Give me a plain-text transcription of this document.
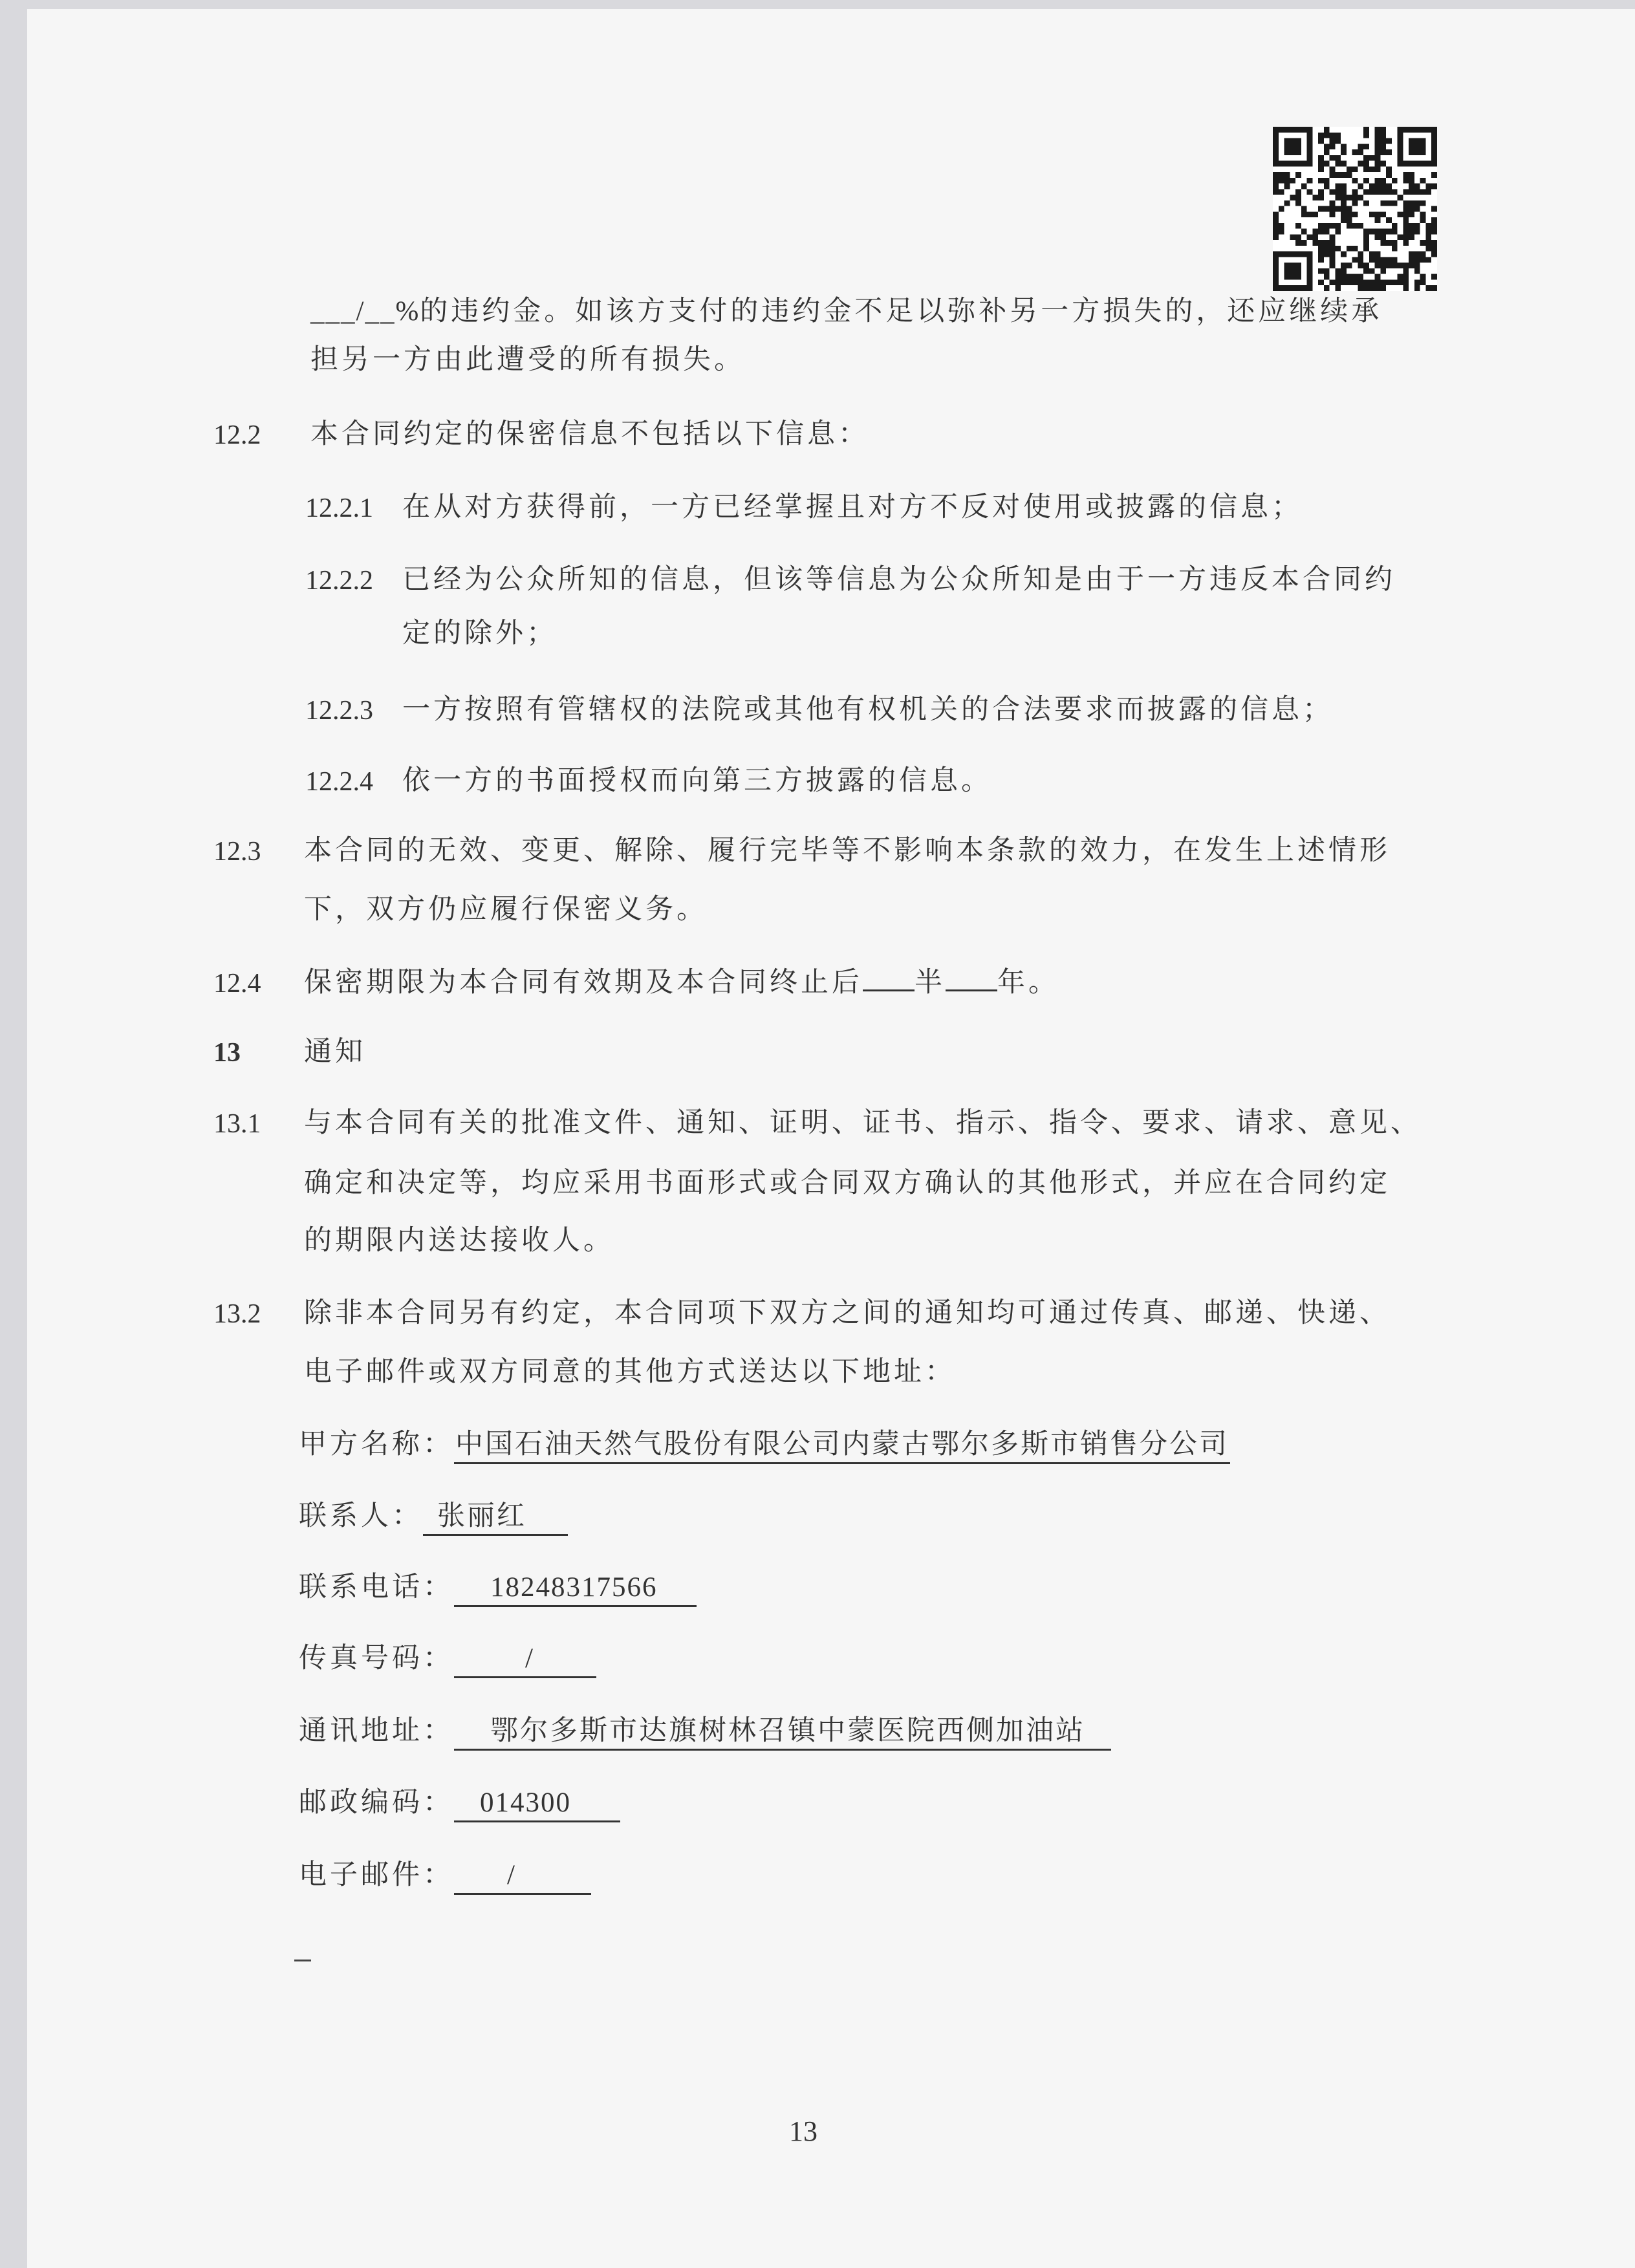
___/__%的违约金。如该方支付的违约金不足以弥补另一方损失的，还应继续承
担另一方由此遭受的所有损失。
12.2 本合同约定的保密信息不包括以下信息：
12.2.1 在从对方获得前，一方已经掌握且对方不反对使用或披露的信息；
12.2.2 已经为公众所知的信息，但该等信息为公众所知是由于一方违反本合同约
定的除外；
12.2.3 一方按照有管辖权的法院或其他有权机关的合法要求而披露的信息；
12.2.4 依一方的书面授权而向第三方披露的信息。
12.3 本合同的无效、变更、解除、履行完毕等不影响本条款的效力，在发生上述情形
下，双方仍应履行保密义务。
12.4 保密期限为本合同有效期及本合同终止后 半 年。
13 通知
13.1 与本合同有关的批准文件、通知、证明、证书、指示、指令、要求、请求、意见、
确定和决定等，均应采用书面形式或合同双方确认的其他形式，并应在合同约定
的期限内送达接收人。
13.2 除非本合同另有约定，本合同项下双方之间的通知均可通过传真、邮递、快递、
电子邮件或双方同意的其他方式送达以下地址：
甲方名称：中国石油天然气股份有限公司内蒙古鄂尔多斯市销售分公司
联系人： 张丽红
联系电话： 18248317566
传真号码：	/
通讯地址： 鄂尔多斯市达旗树林召镇中蒙医院西侧加油站
邮政编码： 014300
电子邮件： /
13
